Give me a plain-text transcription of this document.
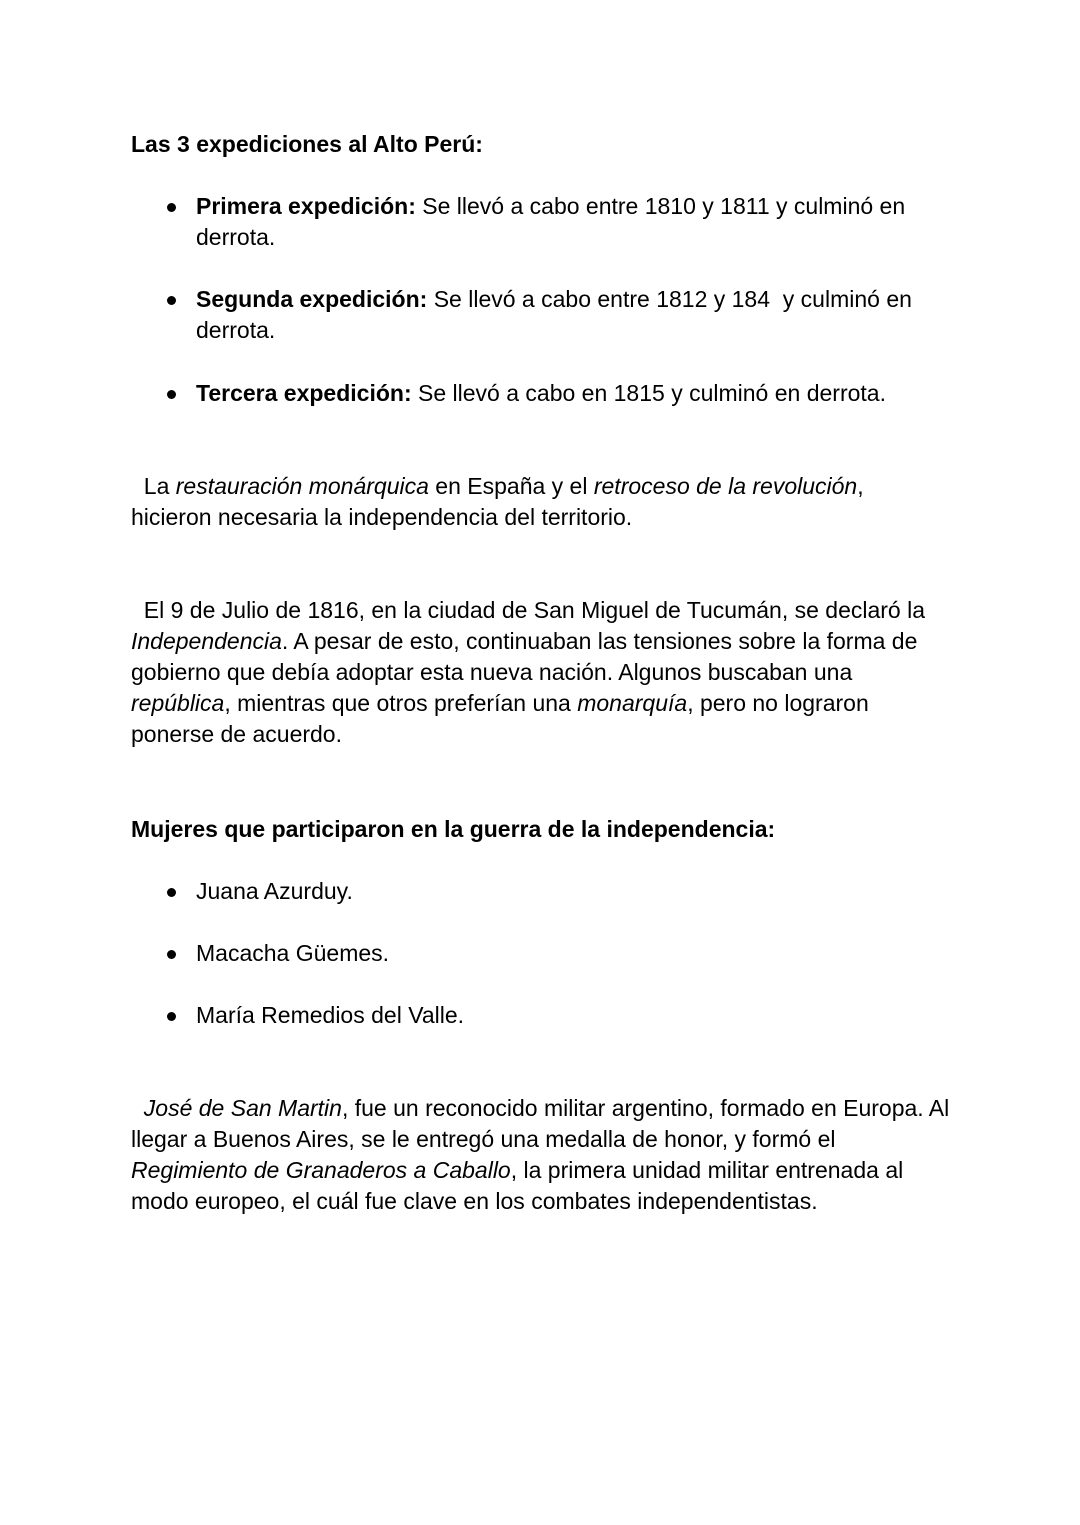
Las 3 expediciones al Alto Perú:
Primera expedición: Se llevó a cabo entre 1810 y 1811 y culminó en derrota.
Segunda expedición: Se llevó a cabo entre 1812 y 184  y culminó en derrota.
Tercera expedición: Se llevó a cabo en 1815 y culminó en derrota.

La restauración monárquica en España y el retroceso de la revolución, hicieron necesaria la independencia del territorio.

El 9 de Julio de 1816, en la ciudad de San Miguel de Tucumán, se declaró la Independencia. A pesar de esto, continuaban las tensiones sobre la forma de gobierno que debía adoptar esta nueva nación. Algunos buscaban una república, mientras que otros preferían una monarquía, pero no lograron ponerse de acuerdo.

Mujeres que participaron en la guerra de la independencia:
Juana Azurduy.
Macacha Güemes.
María Remedios del Valle.

José de San Martin, fue un reconocido militar argentino, formado en Europa. Al llegar a Buenos Aires, se le entregó una medalla de honor, y formó el Regimiento de Granaderos a Caballo, la primera unidad militar entrenada al modo europeo, el cuál fue clave en los combates independentistas.
